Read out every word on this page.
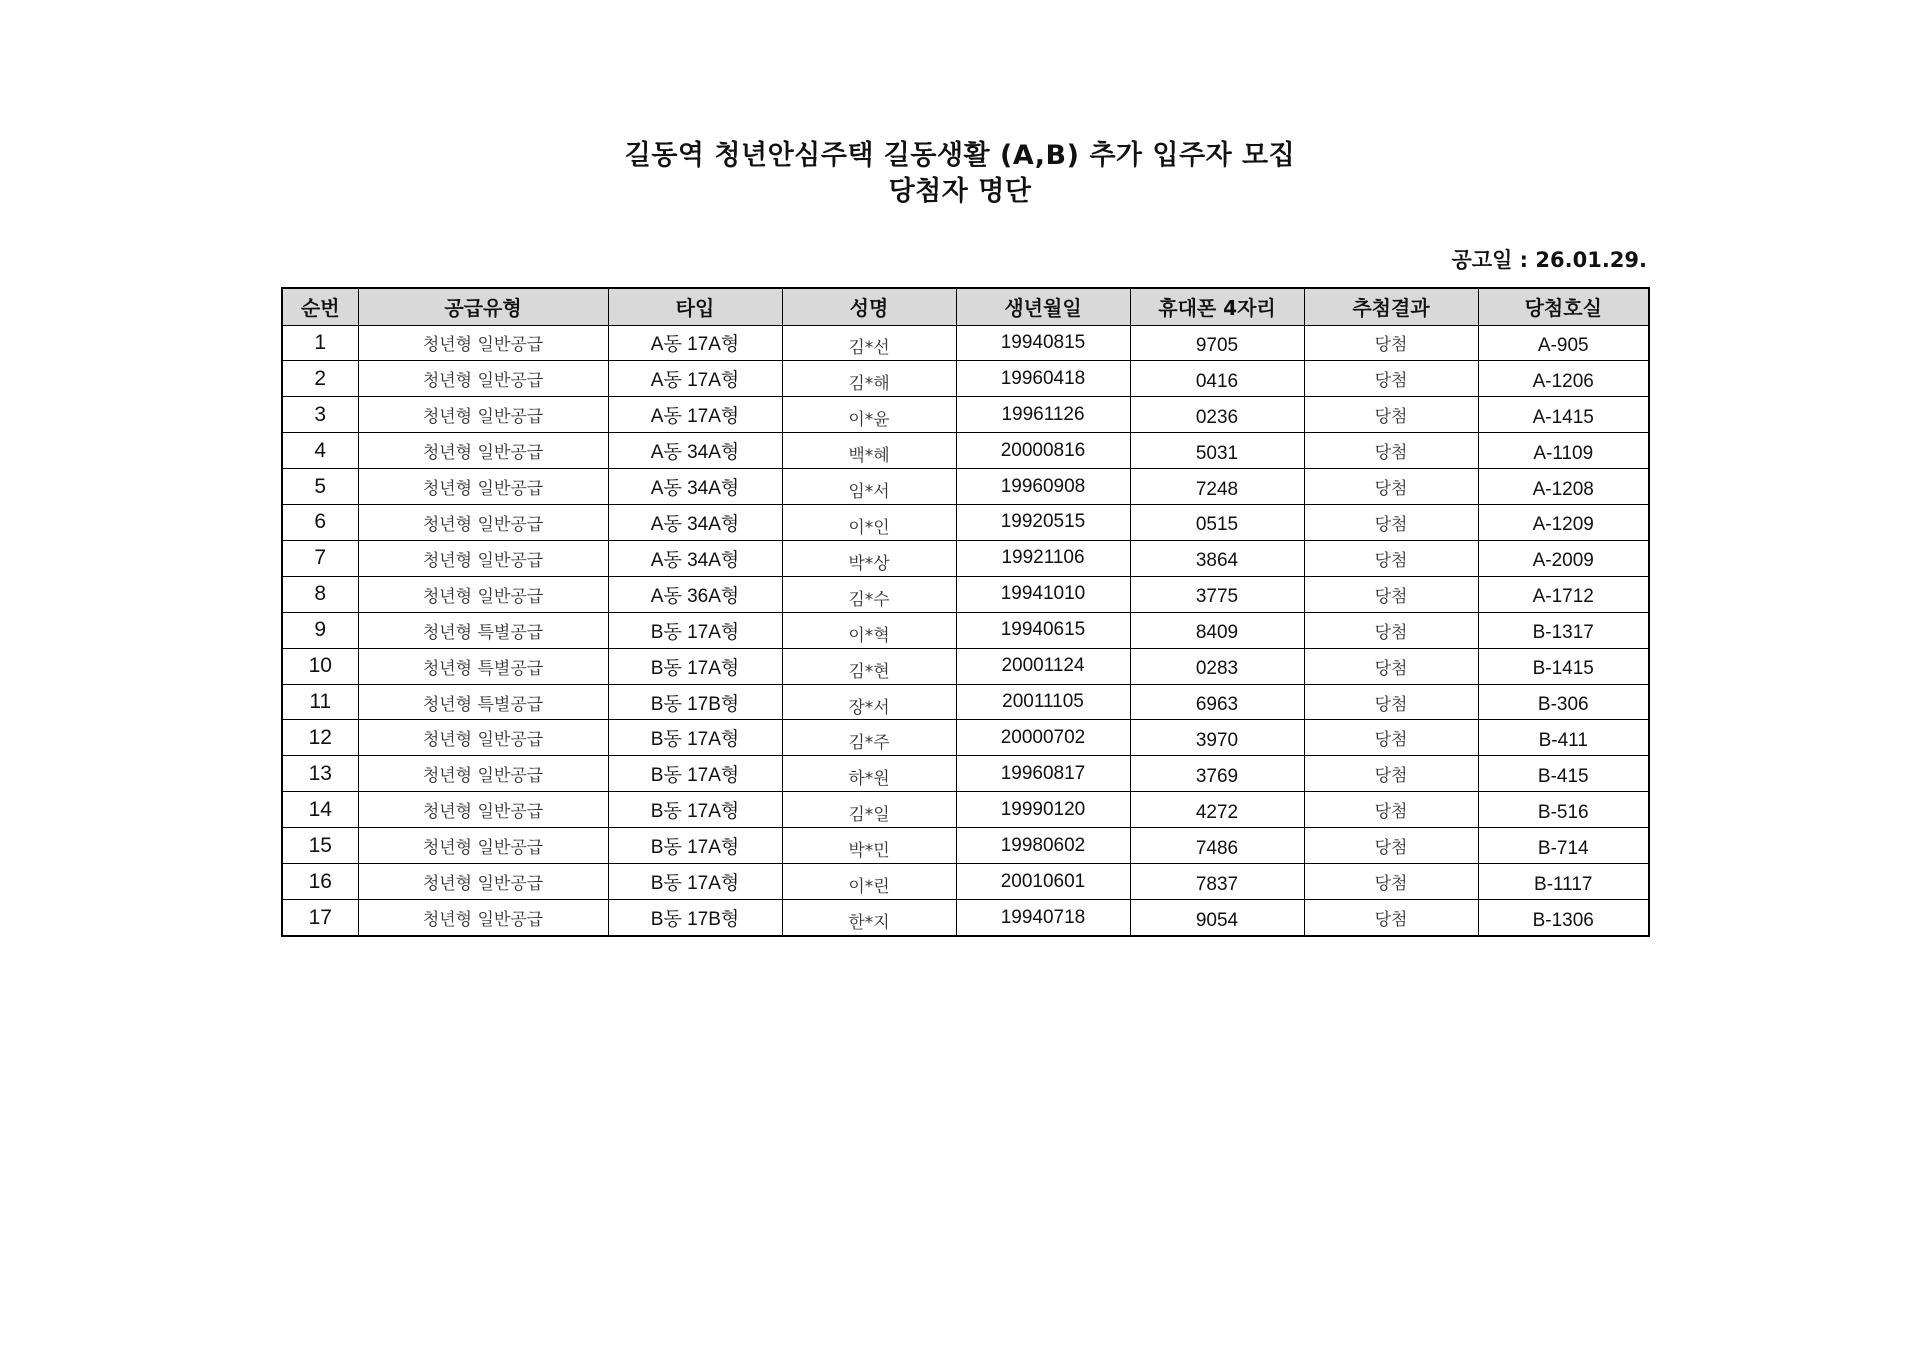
길동역 청년안심주택 길동생활 (A,B) 추가 입주자 모집
당첨자 명단
공고일 : 26.01.29.
순번	공급유형	타입	성명	생년월일	휴대폰 4자리	추첨결과	당첨호실
1	청년형 일반공급	A동 17A형	김*선	19940815	9705	당첨	A-905
2	청년형 일반공급	A동 17A형	김*해	19960418	0416	당첨	A-1206
3	청년형 일반공급	A동 17A형	이*윤	19961126	0236	당첨	A-1415
4	청년형 일반공급	A동 34A형	백*혜	20000816	5031	당첨	A-1109
5	청년형 일반공급	A동 34A형	임*서	19960908	7248	당첨	A-1208
6	청년형 일반공급	A동 34A형	이*인	19920515	0515	당첨	A-1209
7	청년형 일반공급	A동 34A형	박*상	19921106	3864	당첨	A-2009
8	청년형 일반공급	A동 36A형	김*수	19941010	3775	당첨	A-1712
9	청년형 특별공급	B동 17A형	이*혁	19940615	8409	당첨	B-1317
10	청년형 특별공급	B동 17A형	김*현	20001124	0283	당첨	B-1415
11	청년형 특별공급	B동 17B형	장*서	20011105	6963	당첨	B-306
12	청년형 일반공급	B동 17A형	김*주	20000702	3970	당첨	B-411
13	청년형 일반공급	B동 17A형	하*원	19960817	3769	당첨	B-415
14	청년형 일반공급	B동 17A형	김*일	19990120	4272	당첨	B-516
15	청년형 일반공급	B동 17A형	박*민	19980602	7486	당첨	B-714
16	청년형 일반공급	B동 17A형	이*린	20010601	7837	당첨	B-1117
17	청년형 일반공급	B동 17B형	한*지	19940718	9054	당첨	B-1306
